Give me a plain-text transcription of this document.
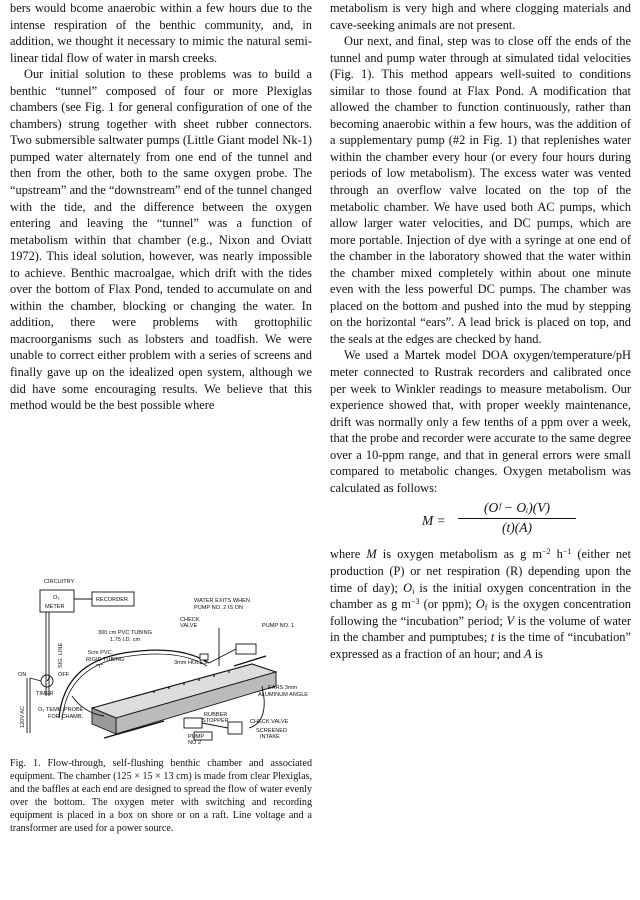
bers would bcome anaerobic within a few hours due to the intense respiration of the benthic community, and, in addition, we thought it necessary to mimic the natural semi-linear tidal flow of water in marsh creeks.

Our initial solution to these problems was to build a benthic “tunnel” composed of four or more Plexiglas chambers (see Fig. 1 for general configuration of one of the chambers) strung together with sheet rubber connectors. Two submersible saltwater pumps (Little Giant model Nk-1) pumped water alternately from one end of the tunnel and then from the other, both to the same oxygen probe. The “upstream” and the “downstream” end of the tunnel changed with the tide, and the difference between the oxygen entering and leaving the “tunnel” was a function of metabolism within that chamber (e.g., Nixon and Oviatt 1972). This ideal solution, however, was nearly impossible to achieve. Benthic macroalgae, which drift with the tides over the bottom of Flax Pond, tended to accumulate on and within the chamber, blocking or changing the water. In addition, there were problems with grottophilic macroorganisms such as lobsters and toadfish. We were unable to correct either problem with a series of screens and finally gave up on the idealized open system, although we did have some encouraging results. We believe that this method would be the best possible where

CIRCUITRY
O₂
METER
RECORDER	WATER EXITS WHEN
PUMP NO. 2 IS ON
CHECK
VALVE	PUMP NO. 1
300 cm PVC TUBING
1.75 I.D. cm
5cm PVC
RIGID TUBING
"T"
3mm HOLES
SIG. LINE
ON	OFF
TIMER
120V AC
EARS 3mm
ALUMINUM ANGLE
O₂ TEMP. PROBE
FOR CHAMB.	RUBBER
STOPPER	CHECK VALVE
SCREENED
INTAKE
PUMP
NO 2

Fig. 1. Flow-through, self-flushing benthic chamber and associated equipment. The chamber (125 × 15 × 13 cm) is made from clear Plexiglas, and the baffles at each end are designed to spread the flow of water evenly over the bottom. The oxygen meter with switching and recording equipment is placed in a box on shore or on a raft. Line voltage and a transformer are used for a power source.

metabolism is very high and where clogging materials and cave-seeking animals are not present.

Our next, and final, step was to close off the ends of the tunnel and pump water through at simulated tidal velocities (Fig. 1). This method appears well-suited to conditions similar to those found at Flax Pond. A modification that allowed the chamber to function continuously, rather than becoming anaerobic within a few hours, was the addition of a supplementary pump (#2 in Fig. 1) that replenishes water within the chamber every hour (or every four hours during periods of low metabolism). The excess water was vented through an overflow valve located on the top of the metabolic chamber. We have used both AC pumps, which allow larger water velocities, and DC pumps, which are more portable. Injection of dye with a syringe at one end of the chamber in the laboratory showed that the water within the chamber mixed completely within about one minute even with the less powerful DC pumps. The chamber was placed on the bottom and pushed into the mud by stepping on the horizontal “ears”. A lead brick is placed on top, and the seals at the edges are checked by hand.

We used a Martek model DOA oxygen/temperature/pH meter connected to Rustrak recorders and calibrated once per week to Winkler readings to measure metabolism. Our experience showed that, with proper weekly maintenance, drift was normally only a few tenths of a ppm over a week, that the probe and recorder were accurate to the same degree over a 10-ppm range, and that in general errors were small compared to metabolic changes. Oxygen metabolism was calculated as follows:

$M = \frac{\text{(Oᶠ − Oᵢ)(V)}}{(t)(A)}$

where M is oxygen metabolism as g $m^{-2}$ $h^{-1}$ (either net production (P) or net respiration (R) depending upon the time of day); $O_i$ is the initial oxygen concentration in the chamber as g $m^{-3}$ (or ppm); $O_f$ is the oxygen concentration following the “incubation” period; V is the volume of water in the chamber and pumptubes; t is the time of “incubation” expressed as a fraction of an hour; and A is
